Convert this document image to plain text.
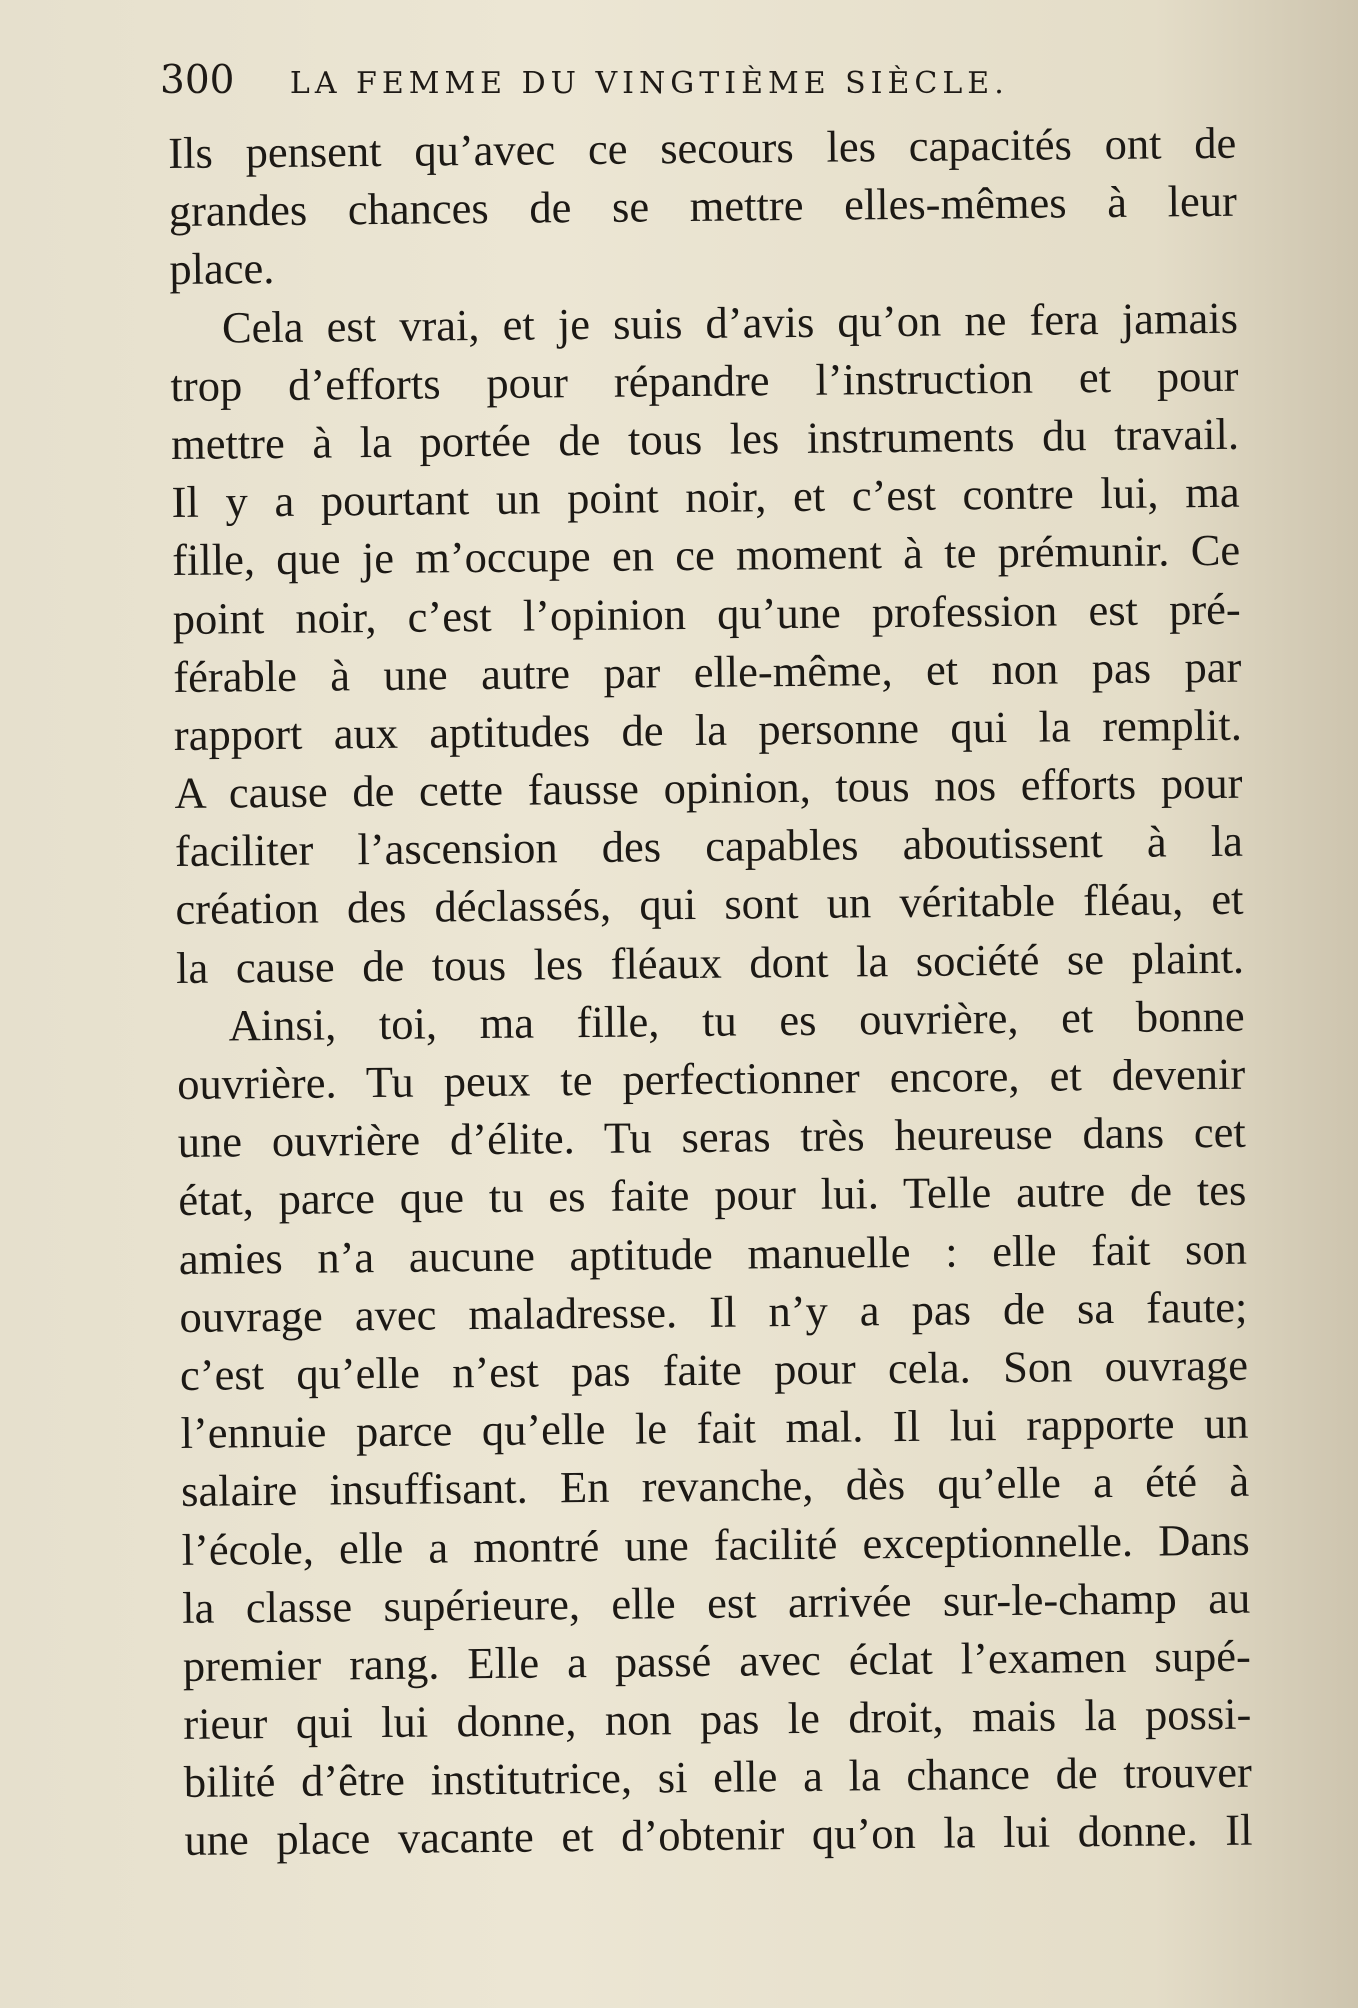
300 LA FEMME DU VINGTIÈME SIÈCLE.
Ils pensent qu’avec ce secours les capacités ont de
grandes chances de se mettre elles-mêmes à leur
place.
Cela est vrai, et je suis d’avis qu’on ne fera jamais
trop d’efforts pour répandre l’instruction et pour
mettre à la portée de tous les instruments du travail.
Il y a pourtant un point noir, et c’est contre lui, ma
fille, que je m’occupe en ce moment à te prémunir. Ce
point noir, c’est l’opinion qu’une profession est pré-
férable à une autre par elle-même, et non pas par
rapport aux aptitudes de la personne qui la remplit.
A cause de cette fausse opinion, tous nos efforts pour
faciliter l’ascension des capables aboutissent à la
création des déclassés, qui sont un véritable fléau, et
la cause de tous les fléaux dont la société se plaint.
Ainsi, toi, ma fille, tu es ouvrière, et bonne
ouvrière. Tu peux te perfectionner encore, et devenir
une ouvrière d’élite. Tu seras très heureuse dans cet
état, parce que tu es faite pour lui. Telle autre de tes
amies n’a aucune aptitude manuelle : elle fait son
ouvrage avec maladresse. Il n’y a pas de sa faute;
c’est qu’elle n’est pas faite pour cela. Son ouvrage
l’ennuie parce qu’elle le fait mal. Il lui rapporte un
salaire insuffisant. En revanche, dès qu’elle a été à
l’école, elle a montré une facilité exceptionnelle. Dans
la classe supérieure, elle est arrivée sur-le-champ au
premier rang. Elle a passé avec éclat l’examen supé-
rieur qui lui donne, non pas le droit, mais la possi-
bilité d’être institutrice, si elle a la chance de trouver
une place vacante et d’obtenir qu’on la lui donne. Il
